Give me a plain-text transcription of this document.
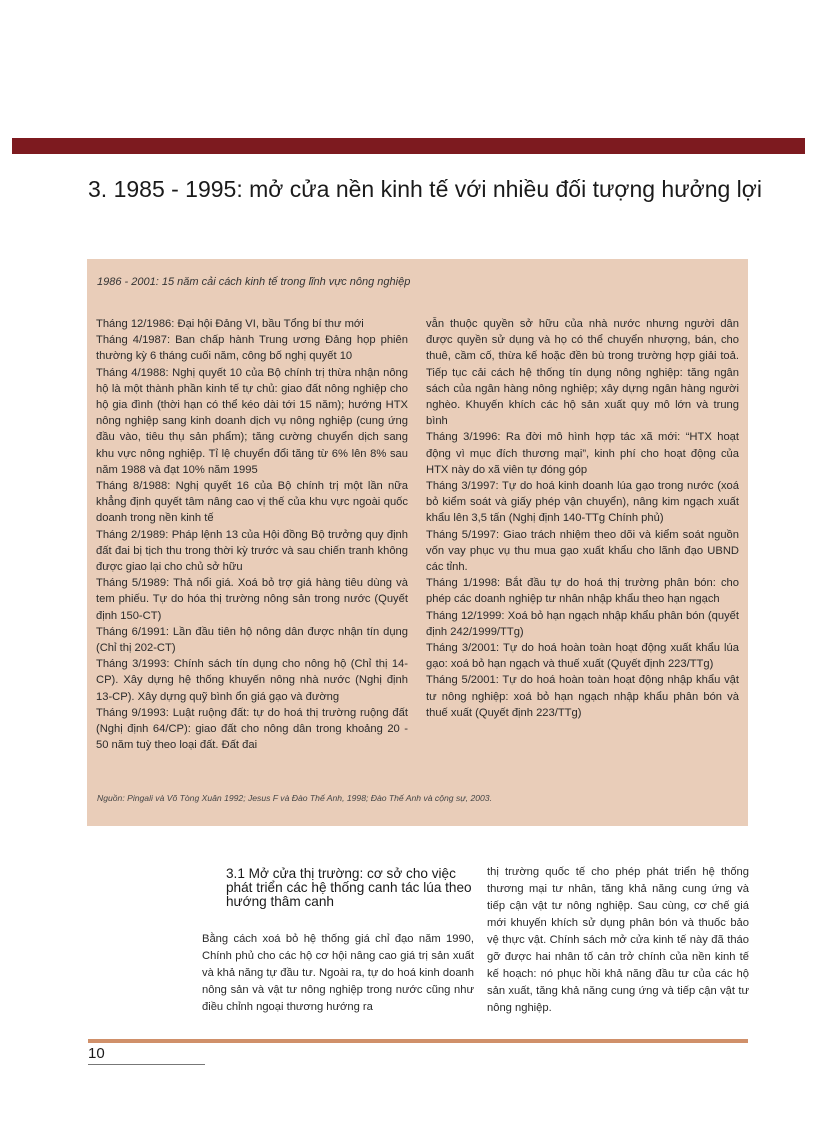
3. 1985 - 1995: mở cửa nền kinh tế với nhiều đối tượng hưởng lợi
1986 - 2001: 15 năm cải cách kinh tế trong lĩnh vực nông nghiệp

Tháng 12/1986: Đại hội Đảng VI, bầu Tổng bí thư mới

Tháng 4/1987: Ban chấp hành Trung ương Đảng họp phiên thường kỳ 6 tháng cuối năm, công bố nghị quyết 10

Tháng 4/1988: Nghị quyết 10 của Bộ chính trị thừa nhận nông hộ là một thành phần kinh tế tự chủ: giao đất nông nghiệp cho hộ gia đình (thời hạn có thể kéo dài tới 15 năm); hướng HTX nông nghiệp sang kinh doanh dịch vụ nông nghiệp (cung ứng đầu vào, tiêu thụ sản phẩm); tăng cường chuyển dịch sang khu vực nông nghiệp. Tỉ lệ chuyển đổi tăng từ 6% lên 8% sau năm 1988 và đạt 10% năm 1995

Tháng 8/1988: Nghị quyết 16 của Bộ chính trị một lần nữa khẳng định quyết tâm nâng cao vị thế của khu vực ngoài quốc doanh trong nền kinh tế

Tháng 2/1989: Pháp lệnh 13 của Hội đồng Bộ trưởng quy định đất đai bị tịch thu trong thời kỳ trước và sau chiến tranh không được giao lại cho chủ sở hữu

Tháng 5/1989: Thả nổi giá. Xoá bỏ trợ giá hàng tiêu dùng và tem phiếu. Tự do hóa thị trường nông sản trong nước (Quyết định 150-CT)

Tháng 6/1991: Lần đầu tiên hộ nông dân được nhận tín dụng (Chỉ thị 202-CT)

Tháng 3/1993: Chính sách tín dụng cho nông hộ (Chỉ thị 14-CP). Xây dựng hệ thống khuyến nông nhà nước (Nghị định 13-CP). Xây dựng quỹ bình ổn giá gạo và đường

Tháng 9/1993: Luật ruộng đất: tự do hoá thị trường ruộng đất (Nghị định 64/CP): giao đất cho nông dân trong khoảng 20 - 50 năm tuỳ theo loại đất. Đất đai

vẫn thuộc quyền sở hữu của nhà nước nhưng người dân được quyền sử dụng và họ có thể chuyển nhượng, bán, cho thuê, cầm cố, thừa kế hoặc đền bù trong trường hợp giải toả. Tiếp tục cải cách hệ thống tín dụng nông nghiệp: tăng ngân sách của ngân hàng nông nghiệp; xây dựng ngân hàng người nghèo. Khuyến khích các hộ sản xuất quy mô lớn và trung bình

Tháng 3/1996: Ra đời mô hình hợp tác xã mới: “HTX hoạt động vì mục đích thương mại”, kinh phí cho hoạt động của HTX này do xã viên tự đóng góp

Tháng 3/1997: Tự do hoá kinh doanh lúa gạo trong nước (xoá bỏ kiểm soát và giấy phép vận chuyển), nâng kim ngạch xuất khẩu lên 3,5 tấn (Nghị định 140-TTg Chính phủ)

Tháng 5/1997: Giao trách nhiệm theo dõi và kiểm soát nguồn vốn vay phục vụ thu mua gạo xuất khẩu cho lãnh đạo UBND các tỉnh.

Tháng 1/1998: Bắt đầu tự do hoá thị trường phân bón: cho phép các doanh nghiệp tư nhân nhập khẩu theo hạn ngạch

Tháng 12/1999: Xoá bỏ hạn ngạch nhập khẩu phân bón (quyết định 242/1999/TTg)

Tháng 3/2001: Tự do hoá hoàn toàn hoạt động xuất khẩu lúa gạo: xoá bỏ hạn ngạch và thuế xuất (Quyết định 223/TTg)

Tháng 5/2001: Tự do hoá hoàn toàn hoạt động nhập khẩu vật tư nông nghiệp: xoá bỏ hạn ngạch nhập khẩu phân bón và thuế xuất (Quyết định 223/TTg)

Nguồn: Pingali và Võ Tòng Xuân 1992; Jesus F và Đào Thế Anh, 1998; Đào Thế Anh và cộng sự, 2003.
3.1 Mở cửa thị trường: cơ sở cho việc phát triển các hệ thống canh tác lúa theo hướng thâm canh

Bằng cách xoá bỏ hệ thống giá chỉ đạo năm 1990, Chính phủ cho các hộ cơ hội nâng cao giá trị sản xuất và khả năng tự đầu tư. Ngoài ra, tự do hoá kinh doanh nông sản và vật tư nông nghiệp trong nước cũng như điều chỉnh ngoại thương hướng ra

thị trường quốc tế cho phép phát triển hệ thống thương mại tư nhân, tăng khả năng cung ứng và tiếp cận vật tư nông nghiệp. Sau cùng, cơ chế giá mới khuyến khích sử dụng phân bón và thuốc bảo vệ thực vật. Chính sách mở cửa kinh tế này đã tháo gỡ được hai nhân tố cản trở chính của nền kinh tế kế hoạch: nó phục hồi khả năng đầu tư của các hộ sản xuất, tăng khả năng cung ứng và tiếp cận vật tư nông nghiệp.

10
